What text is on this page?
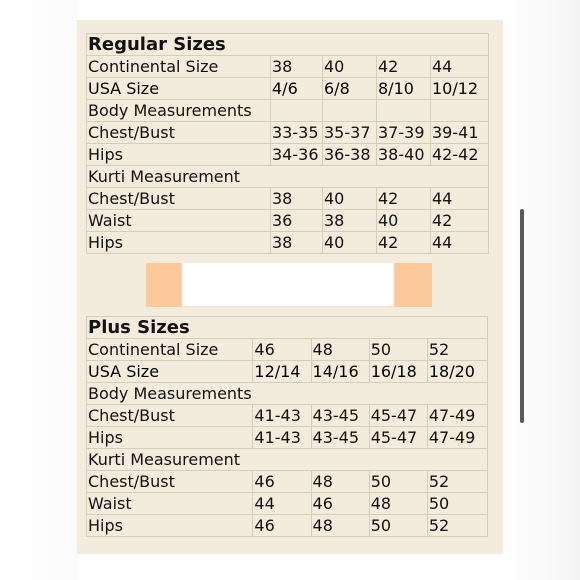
Regular Sizes				
Continental Size	38	40	42	44
USA Size	4/6	6/8	8/10	10/12
Body Measurements				
Chest/Bust	33-35	35-37	37-39	39-41
Hips	34-36	36-38	38-40	42-42
Kurti Measurement				
Chest/Bust	38	40	42	44
Waist	36	38	40	42
Hips	38	40	42	44
Plus Sizes				
Continental Size	46	48	50	52
USA Size	12/14	14/16	16/18	18/20
Body Measurements				
Chest/Bust	41-43	43-45	45-47	47-49
Hips	41-43	43-45	45-47	47-49
Kurti Measurement				
Chest/Bust	46	48	50	52
Waist	44	46	48	50
Hips	46	48	50	52
